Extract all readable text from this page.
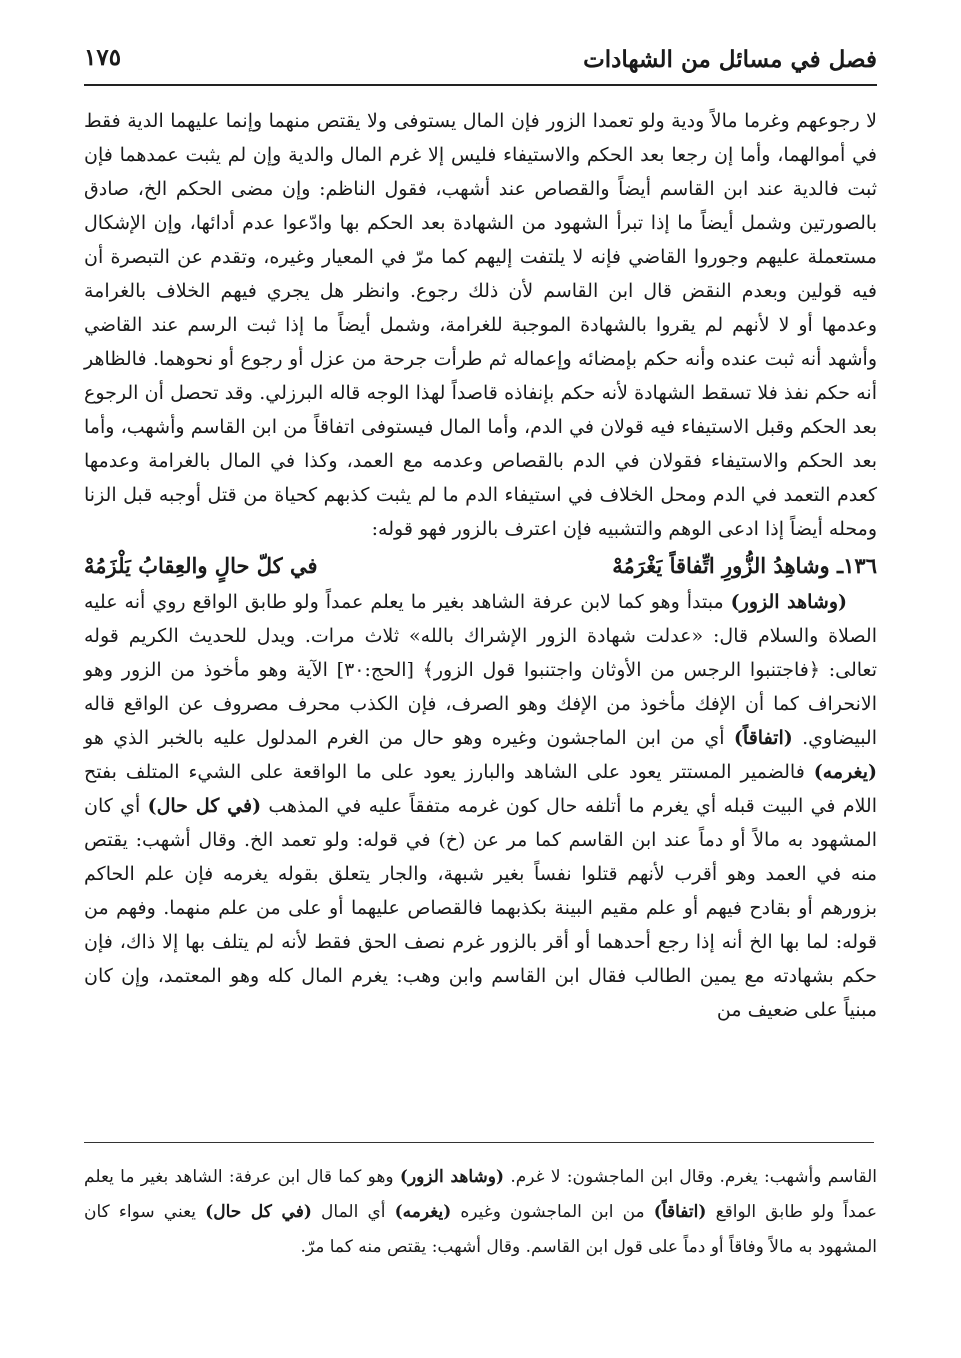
فصل في مسائل من الشهادات
١٧٥

لا رجوعهم وغرما مالاً ودية ولو تعمدا الزور فإن المال يستوفى ولا يقتص منهما وإنما عليهما الدية فقط في أموالهما، وأما إن رجعا بعد الحكم والاستيفاء فليس إلا غرم المال والدية وإن لم يثبت عمدهما فإن ثبت فالدية عند ابن القاسم أيضاً والقصاص عند أشهب، فقول الناظم: وإن مضى الحكم الخ، صادق بالصورتين وشمل أيضاً ما إذا تبرأ الشهود من الشهادة بعد الحكم بها وادّعوا عدم أدائها، وإن الإشكال مستعملة عليهم وجوروا القاضي فإنه لا يلتفت إليهم كما مرّ في المعيار وغيره، وتقدم عن التبصرة أن فيه قولين وبعدم النقض قال ابن القاسم لأن ذلك رجوع. وانظر هل يجري فيهم الخلاف بالغرامة وعدمها أو لا لأنهم لم يقروا بالشهادة الموجبة للغرامة، وشمل أيضاً ما إذا ثبت الرسم عند القاضي وأشهد أنه ثبت عنده وأنه حكم بإمضائه وإعماله ثم طرأت جرحة من عزل أو رجوع أو نحوهما. فالظاهر أنه حكم نفذ فلا تسقط الشهادة لأنه حكم بإنفاذه قاصداً لهذا الوجه قاله البرزلي. وقد تحصل أن الرجوع بعد الحكم وقبل الاستيفاء فيه قولان في الدم، وأما المال فيستوفى اتفاقاً من ابن القاسم وأشهب، وأما بعد الحكم والاستيفاء فقولان في الدم بالقصاص وعدمه مع العمد، وكذا في المال بالغرامة وعدمها كعدم التعمد في الدم ومحل الخلاف في استيفاء الدم ما لم يثبت كذبهم كحياة من قتل أوجبه قبل الزنا ومحله أيضاً إذا ادعى الوهم والتشبيه فإن اعترف بالزور فهو قوله:

١٣٦ـ وشاهِدُ الزُّورِ اتِّفاقاً يَغْرَمُهْ
في كلّ حالٍ والعِقابُ يَلْزَمُهْ

(وشاهد الزور) مبتدأ وهو كما لابن عرفة الشاهد بغير ما يعلم عمداً ولو طابق الواقع روي أنه عليه الصلاة والسلام قال: «عدلت شهادة الزور الإشراك بالله» ثلاث مرات. ويدل للحديث الكريم قوله تعالى: ﴿فاجتنبوا الرجس من الأوثان واجتنبوا قول الزور﴾ [الحج:٣٠] الآية وهو مأخوذ من الزور وهو الانحراف كما أن الإفك مأخوذ من الإفك وهو الصرف، فإن الكذب محرف مصروف عن الواقع قاله البيضاوي. (اتفاقاً) أي من ابن الماجشون وغيره وهو حال من الغرم المدلول عليه بالخبر الذي هو (يغرمه) فالضمير المستتر يعود على الشاهد والبارز يعود على ما الواقعة على الشيء المتلف بفتح اللام في البيت قبله أي يغرم ما أتلفه حال كون غرمه متفقاً عليه في المذهب (في كل حال) أي كان المشهود به مالاً أو دماً عند ابن القاسم كما مر عن (خ) في قوله: ولو تعمد الخ. وقال أشهب: يقتص منه في العمد وهو أقرب لأنهم قتلوا نفساً بغير شبهة، والجار يتعلق بقوله يغرمه فإن علم الحاكم بزورهم أو بقادح فيهم أو علم مقيم البينة بكذبهما فالقصاص عليهما أو على من علم منهما. وفهم من قوله: لما بها الخ أنه إذا رجع أحدهما أو أقر بالزور غرم نصف الحق فقط لأنه لم يتلف بها إلا ذاك، فإن حكم بشهادته مع يمين الطالب فقال ابن القاسم وابن وهب: يغرم المال كله وهو المعتمد، وإن كان مبنياً على ضعيف من

القاسم وأشهب: يغرم. وقال ابن الماجشون: لا غرم. (وشاهد الزور) وهو كما قال ابن عرفة: الشاهد بغير ما يعلم عمداً ولو طابق الواقع (اتفاقاً) من ابن الماجشون وغيره (يغرمه) أي المال (في كل حال) يعني سواء كان المشهود به مالاً وفاقاً أو دماً على قول ابن القاسم. وقال أشهب: يقتص منه كما مرّ.
